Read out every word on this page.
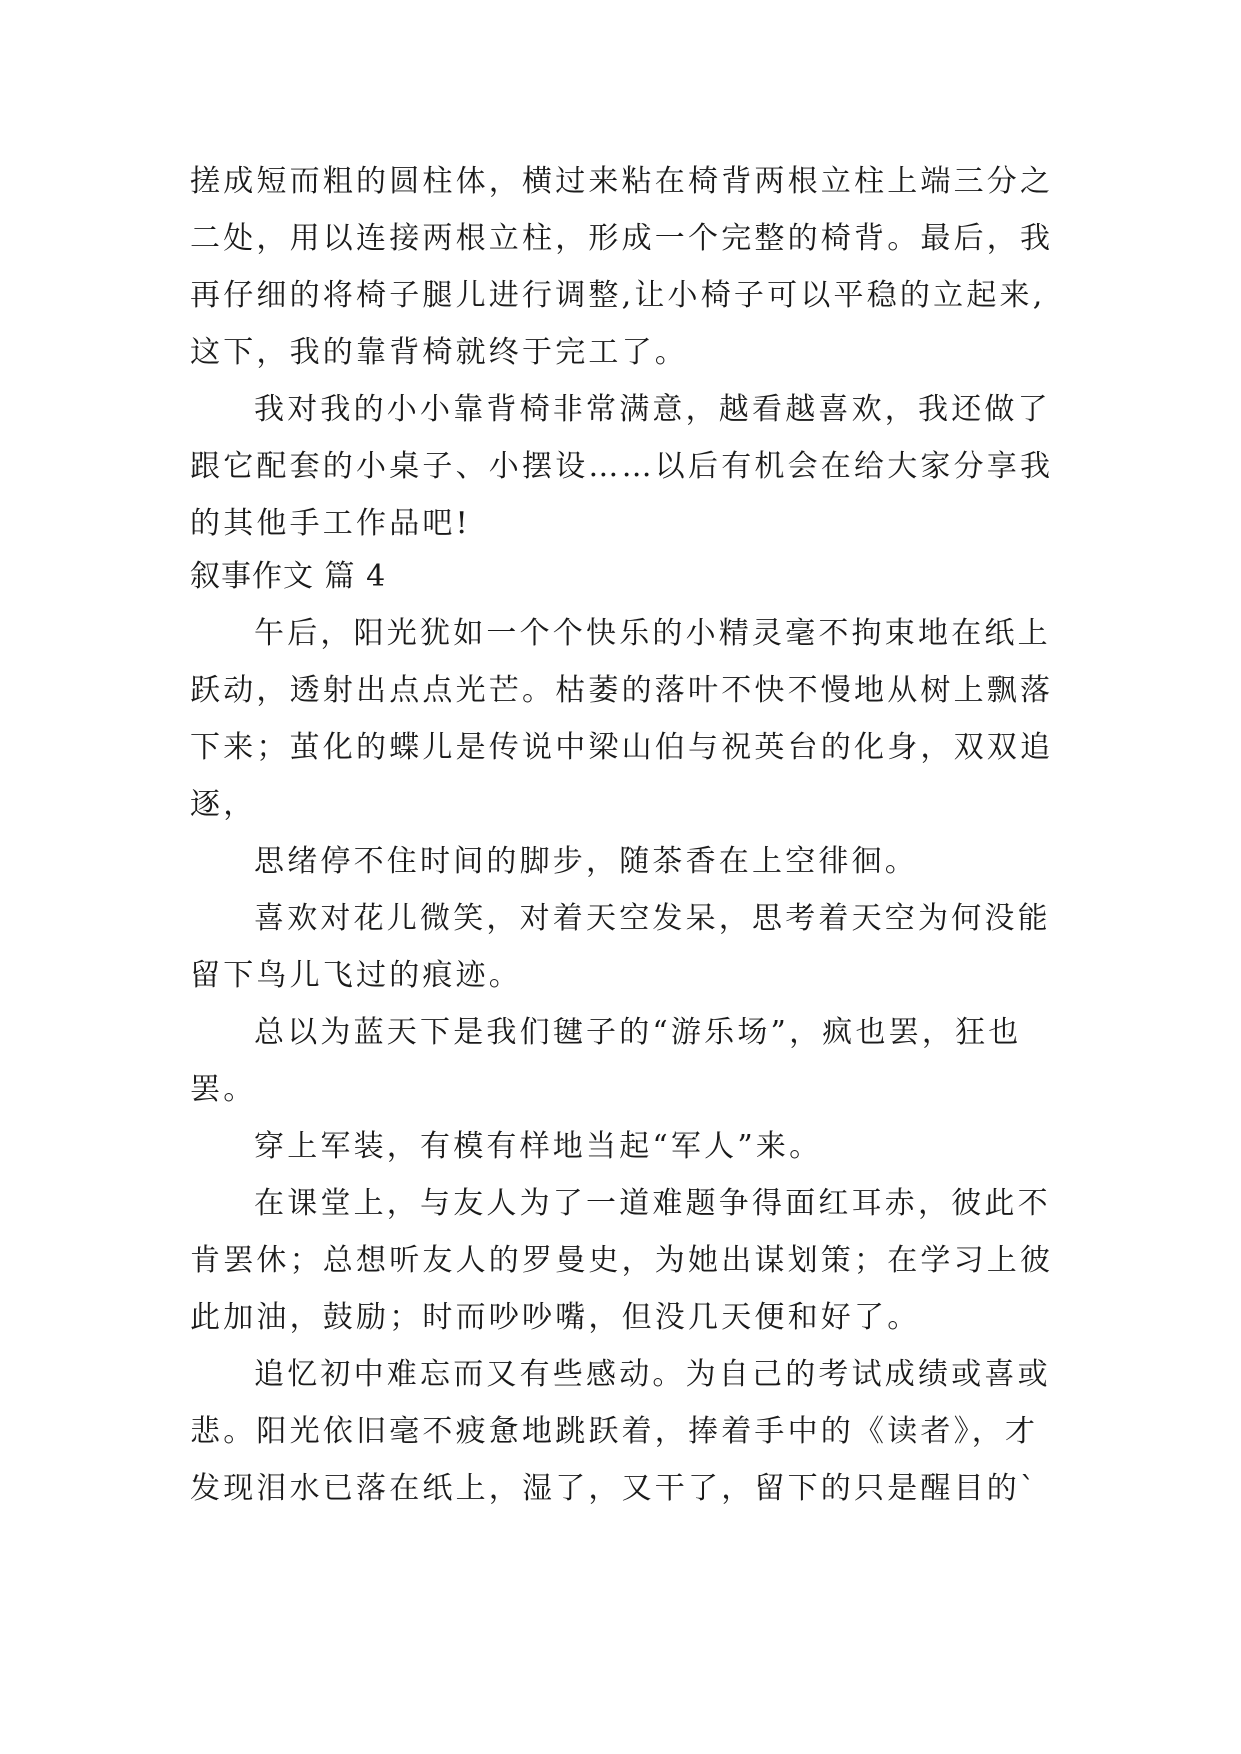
搓成短而粗的圆柱体，横过来粘在椅背两根立柱上端三分之
二处，用以连接两根立柱，形成一个完整的椅背。最后，我
再仔细的将椅子腿儿进行调整,让小椅子可以平稳的立起来,
这下，我的靠背椅就终于完工了。
我对我的小小靠背椅非常满意，越看越喜欢，我还做了
跟它配套的小桌子、小摆设……以后有机会在给大家分享我
的其他手工作品吧!
叙事作文 篇 4
午后，阳光犹如一个个快乐的小精灵毫不拘束地在纸上
跃动，透射出点点光芒。枯萎的落叶不快不慢地从树上飘落
下来；茧化的蝶儿是传说中梁山伯与祝英台的化身，双双追
逐，
思绪停不住时间的脚步，随茶香在上空徘徊。
喜欢对花儿微笑，对着天空发呆，思考着天空为何没能
留下鸟儿飞过的痕迹。
总以为蓝天下是我们毽子的“游乐场”，疯也罢，狂也
罢。
穿上军装，有模有样地当起“军人”来。
在课堂上，与友人为了一道难题争得面红耳赤，彼此不
肯罢休；总想听友人的罗曼史，为她出谋划策；在学习上彼
此加油，鼓励；时而吵吵嘴，但没几天便和好了。
追忆初中难忘而又有些感动。为自己的考试成绩或喜或
悲。阳光依旧毫不疲惫地跳跃着，捧着手中的《读者》，才
发现泪水已落在纸上，湿了，又干了，留下的只是醒目的`
